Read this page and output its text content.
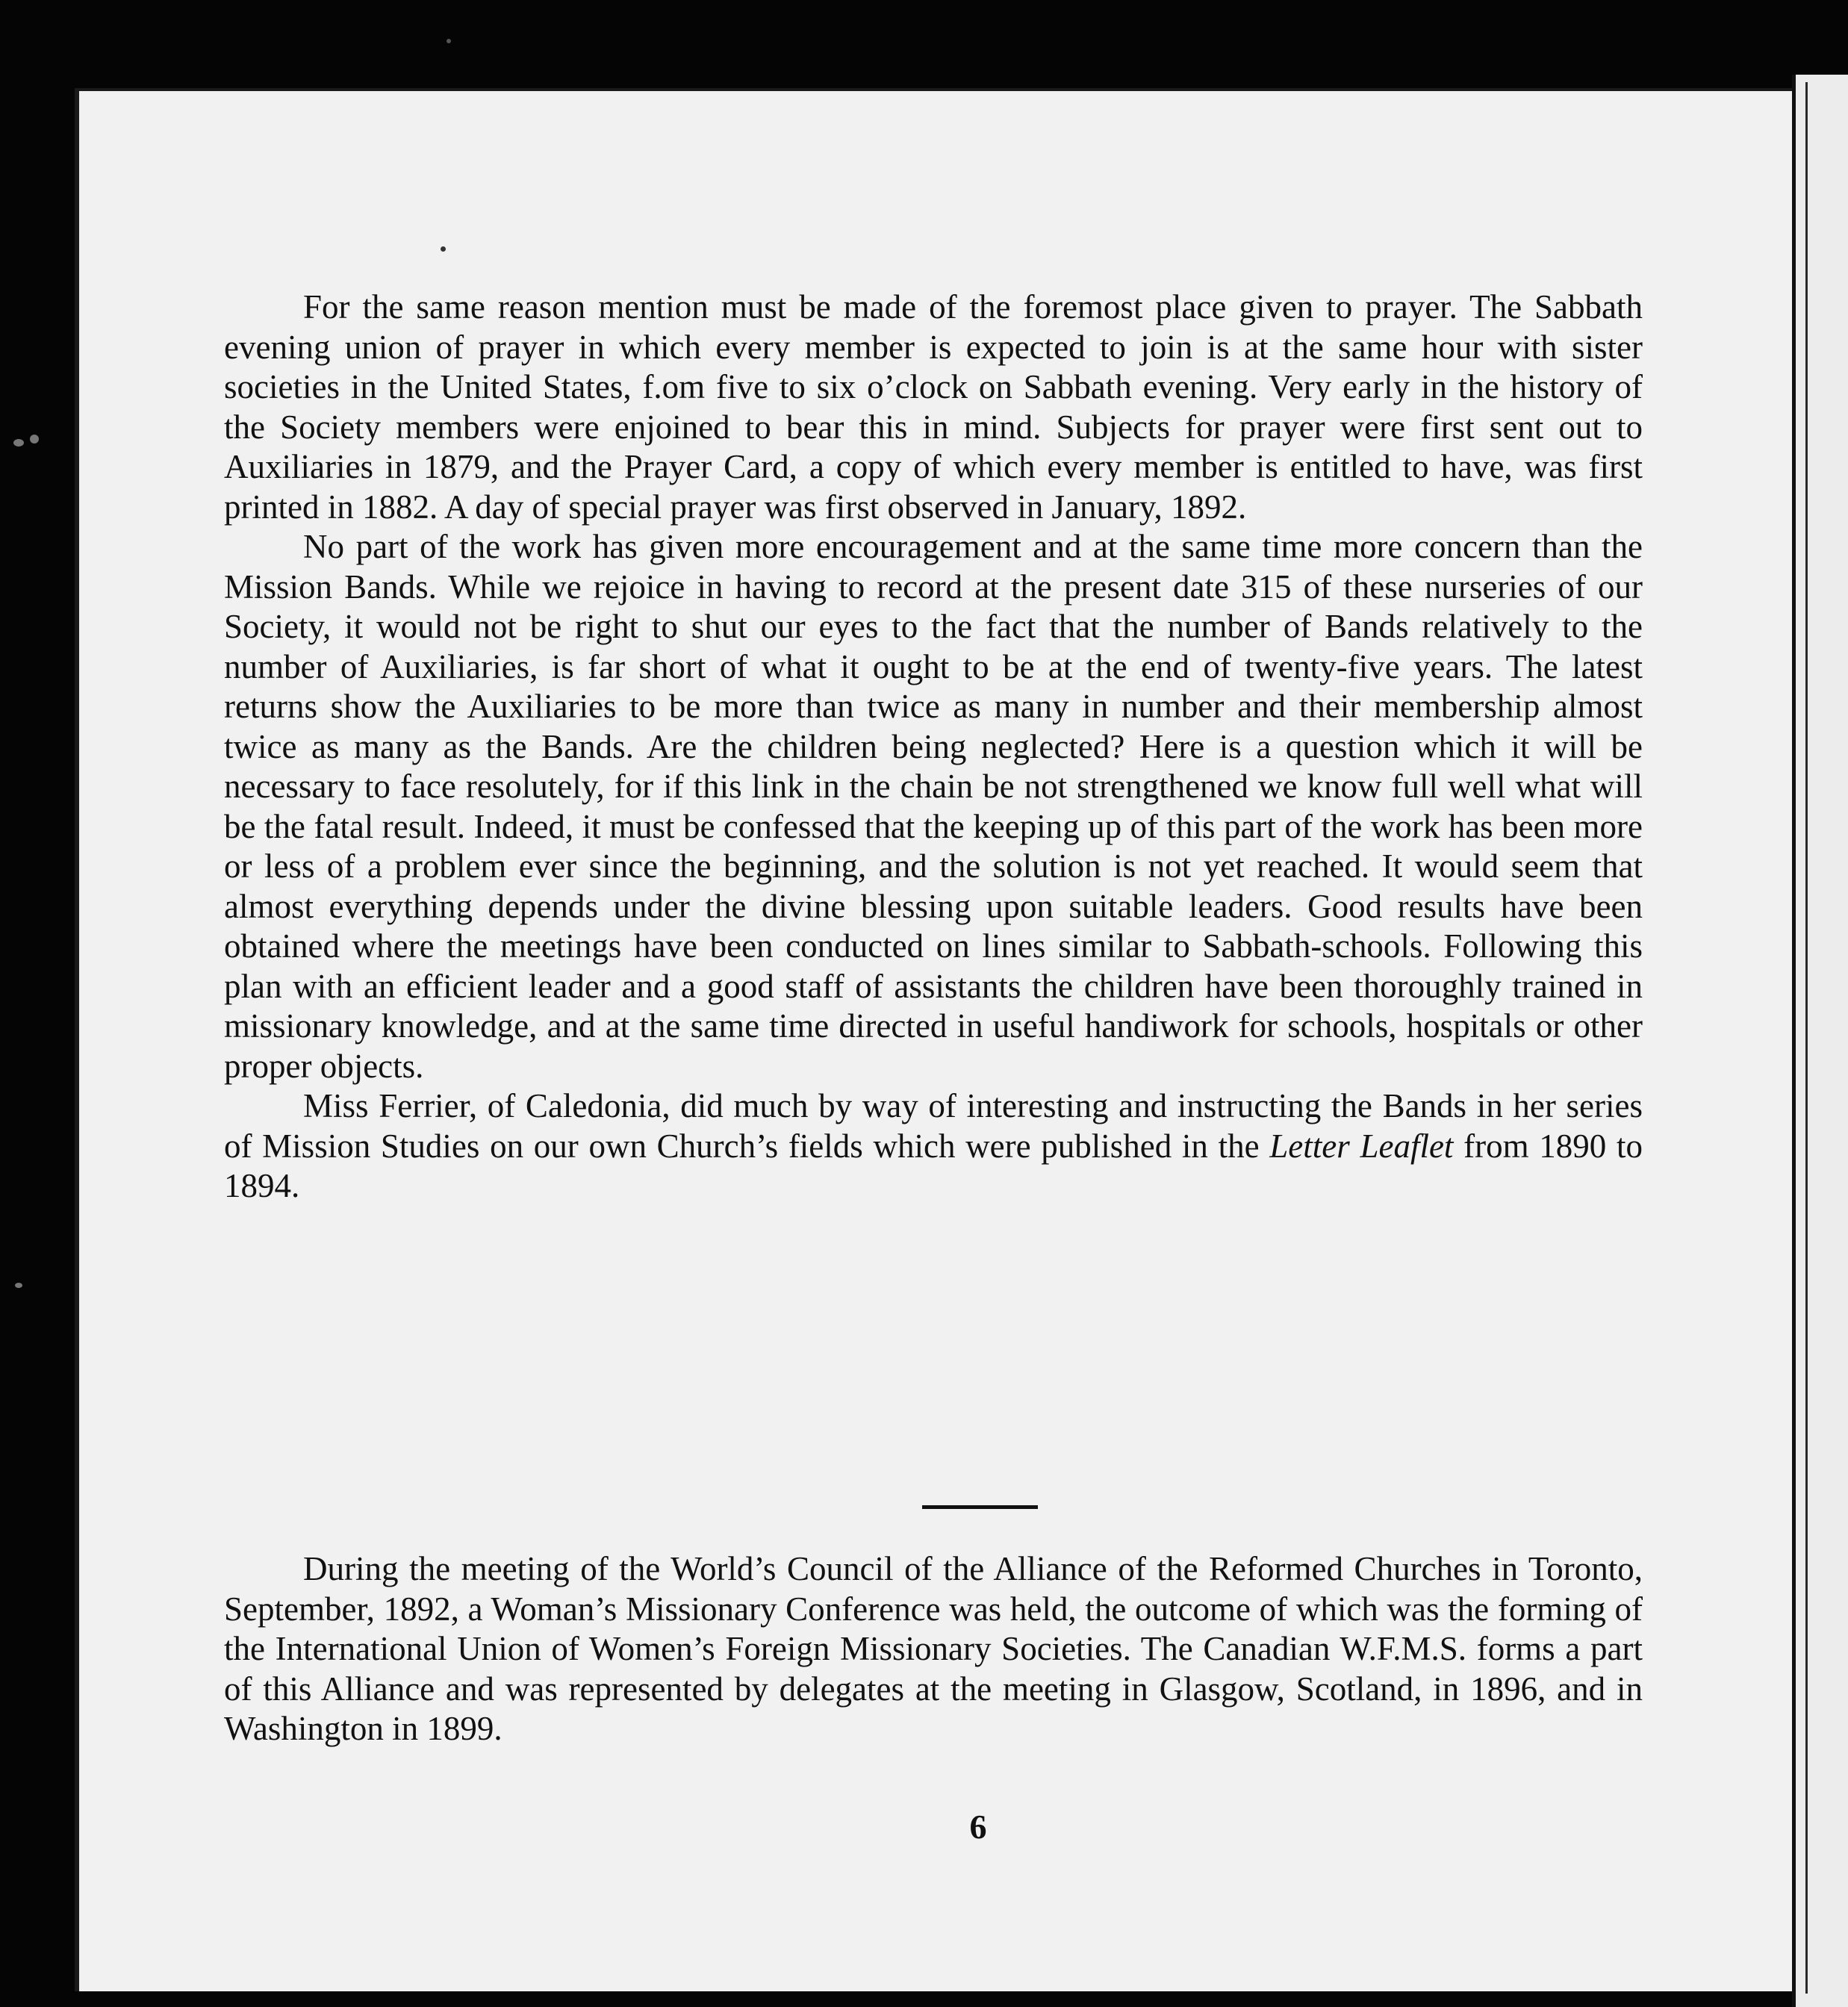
For the same reason mention must be made of the foremost place given to prayer. The Sabbath evening union of prayer in which every member is expected to join is at the same hour with sister societies in the United States, f.om five to six o’clock on Sabbath evening. Very early in the history of the Society members were enjoined to bear this in mind. Subjects for prayer were first sent out to Auxiliaries in 1879, and the Prayer Card, a copy of which every member is entitled to have, was first printed in 1882. A day of special prayer was first observed in January, 1892.

No part of the work has given more encouragement and at the same time more concern than the Mission Bands. While we rejoice in having to record at the present date 315 of these nurseries of our Society, it would not be right to shut our eyes to the fact that the number of Bands relatively to the number of Auxiliaries, is far short of what it ought to be at the end of twenty-five years. The latest returns show the Auxiliaries to be more than twice as many in number and their membership almost twice as many as the Bands. Are the children being neglected? Here is a question which it will be necessary to face resolutely, for if this link in the chain be not strengthened we know full well what will be the fatal result. Indeed, it must be confessed that the keeping up of this part of the work has been more or less of a problem ever since the beginning, and the solution is not yet reached. It would seem that almost everything depends under the divine blessing upon suitable leaders. Good results have been obtained where the meetings have been conducted on lines similar to Sabbath-schools. Following this plan with an efficient leader and a good staff of assistants the children have been thoroughly trained in missionary knowledge, and at the same time directed in useful handiwork for schools, hospitals or other proper objects.

Miss Ferrier, of Caledonia, did much by way of interesting and instructing the Bands in her series of Mission Studies on our own Church’s fields which were published in the Letter Leaflet from 1890 to 1894.

During the meeting of the World’s Council of the Alliance of the Reformed Churches in Toronto, September, 1892, a Woman’s Missionary Conference was held, the outcome of which was the forming of the International Union of Women’s Foreign Missionary Societies. The Canadian W.F.M.S. forms a part of this Alliance and was represented by delegates at the meeting in Glasgow, Scotland, in 1896, and in Washington in 1899.

6
